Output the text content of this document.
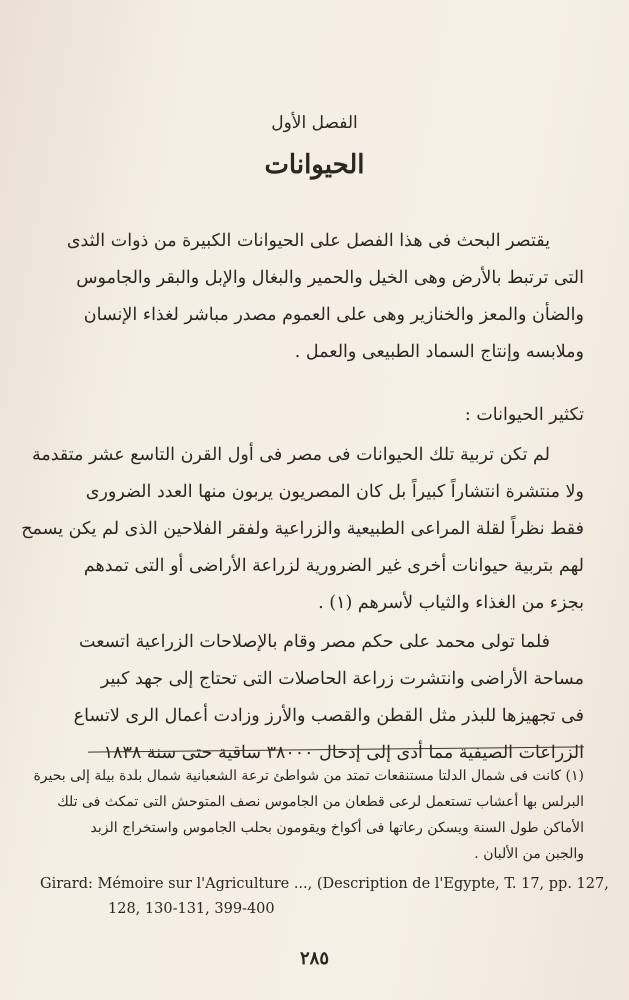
الفصل الأول
الحيوانات
يقتصر البحث فى هذا الفصل على الحيوانات الكبيرة من ذوات الثدى
التى ترتبط بالأرض وهى الخيل والحمير والبغال والإبل والبقر والجاموس
والضأن والمعز والخنازير وهى على العموم مصدر مباشر لغذاء الإنسان
وملابسه وإنتاج السماد الطبيعى والعمل .
تكثير الحيوانات :
لم تكن تربية تلك الحيوانات فى مصر فى أول القرن التاسع عشر متقدمة
ولا منتشرة انتشاراً كبيراً بل كان المصريون يربون منها العدد الضرورى
فقط نظراً لقلة المراعى الطبيعية والزراعية ولفقر الفلاحين الذى لم يكن يسمح
لهم بتربية حيوانات أخرى غير الضرورية لزراعة الأراضى أو التى تمدهم
بجزء من الغذاء والثياب لأسرهم (١) .
فلما تولى محمد على حكم مصر وقام بالإصلاحات الزراعية اتسعت
مساحة الأراضى وانتشرت زراعة الحاصلات التى تحتاج إلى جهد كبير
فى تجهيزها للبذر مثل القطن والقصب والأرز وزادت أعمال الرى لاتساع
الزراعات الصيفية مما أدى إلى إدخال ٣٨٠٠٠ ساقية حتى سنة ١٨٣٨
(١) كانت فى شمال الدلتا مستنقعات تمتد من شواطئ ترعة الشعبانية شمال بلدة بيلة إلى بحيرة
البرلس بها أعشاب تستعمل لرعى قطعان من الجاموس نصف المتوحش التى تمكث فى تلك
الأماكن طول السنة ويسكن رعاتها فى أكواخ ويقومون بحلب الجاموس واستخراج الزبد
والجبن من الألبان .
Girard: Mémoire sur l'Agriculture ..., (Description de l'Egypte, T. 17, pp. 127,
128, 130-131, 399-400
٢٨٥
